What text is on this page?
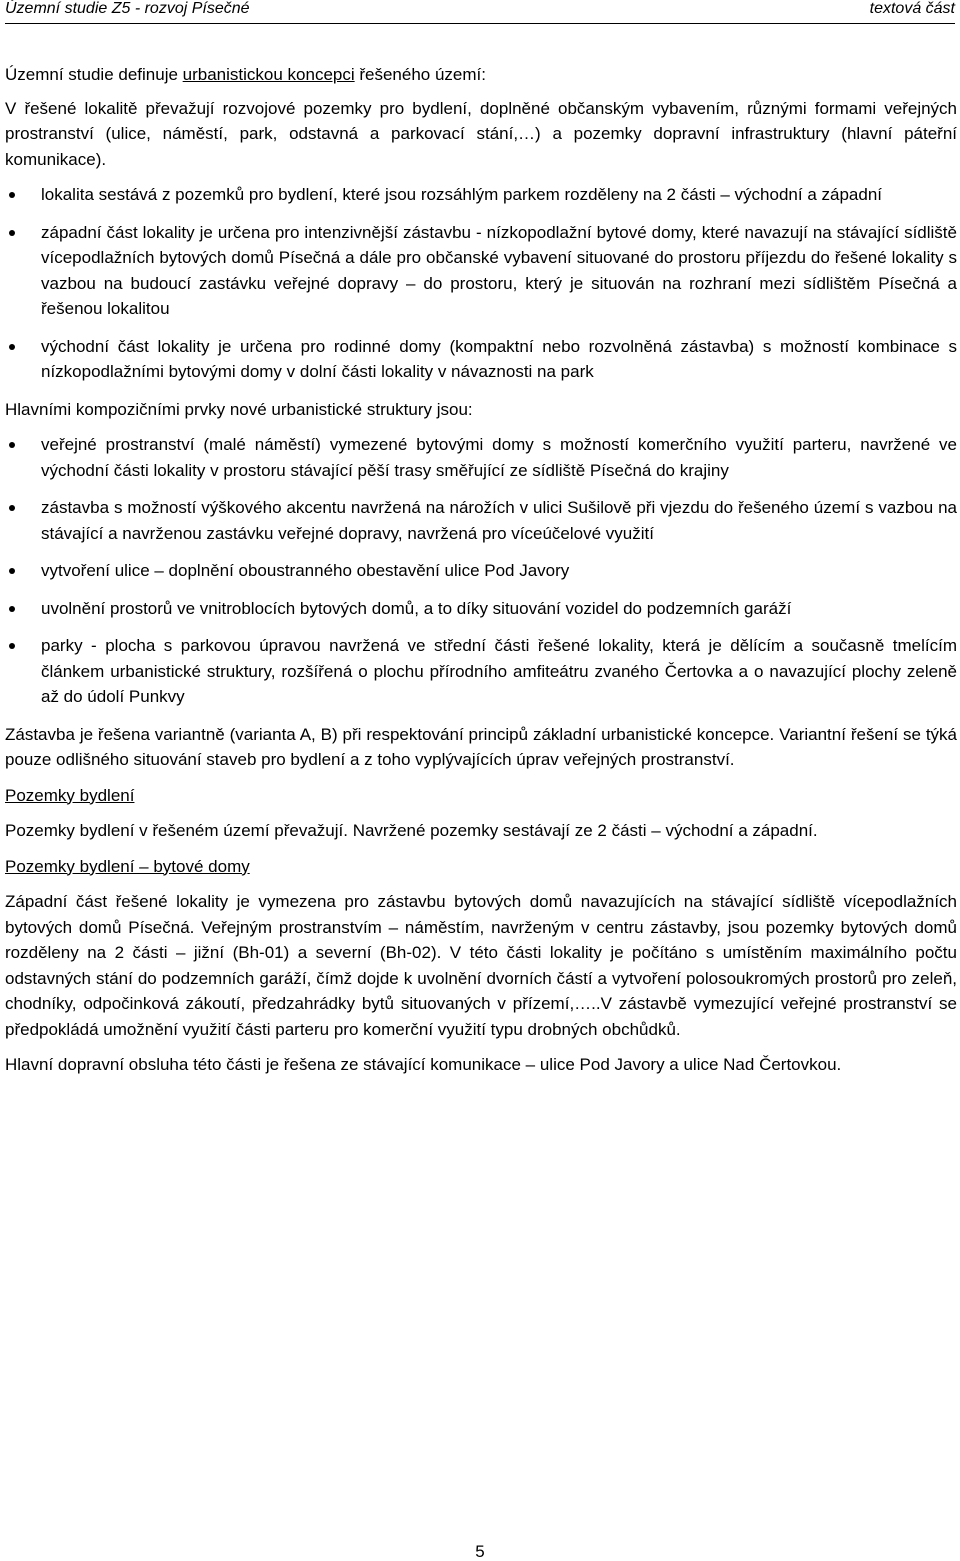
Územní studie Z5 - rozvoj Písečné	textová část

Územní studie definuje urbanistickou koncepci řešeného území:

V řešené lokalitě převažují rozvojové pozemky pro bydlení, doplněné občanským vybavením, různými formami veřejných prostranství (ulice, náměstí, park, odstavná a parkovací stání,…) a pozemky dopravní infrastruktury (hlavní páteřní komunikace).

lokalita sestává z pozemků pro bydlení, které jsou rozsáhlým parkem rozděleny na 2 části – východní a západní
západní část lokality je určena pro intenzivnější zástavbu - nízkopodlažní bytové domy, které navazují na stávající sídliště vícepodlažních bytových domů Písečná a dále pro občanské vybavení situované do prostoru příjezdu do řešené lokality s vazbou na budoucí zastávku veřejné dopravy – do prostoru, který je situován na rozhraní mezi sídlištěm Písečná a řešenou lokalitou
východní část lokality je určena pro rodinné domy (kompaktní nebo rozvolněná zástavba) s možností kombinace s nízkopodlažními bytovými domy v dolní části lokality v návaznosti na park

Hlavními kompozičními prvky nové urbanistické struktury jsou:

veřejné prostranství (malé náměstí) vymezené bytovými domy s možností komerčního využití parteru, navržené ve východní části lokality v prostoru stávající pěší trasy směřující ze sídliště Písečná do krajiny
zástavba s možností výškového akcentu navržená na nárožích v ulici Sušilově při vjezdu do řešeného území s vazbou na stávající a navrženou zastávku veřejné dopravy, navržená pro víceúčelové využití
vytvoření ulice – doplnění oboustranného obestavění ulice Pod Javory
uvolnění prostorů ve vnitroblocích bytových domů, a to díky situování vozidel do podzemních garáží
parky - plocha s parkovou úpravou navržená ve střední části řešené lokality, která je dělícím a současně tmelícím článkem urbanistické struktury, rozšířená o plochu přírodního amfiteátru zvaného Čertovka a o navazující plochy zeleně až do údolí Punkvy

Zástavba je řešena variantně (varianta A, B) při respektování principů základní urbanistické koncepce. Variantní řešení se týká pouze odlišného situování staveb pro bydlení a z toho vyplývajících úprav veřejných prostranství.

Pozemky bydlení

Pozemky bydlení v řešeném území převažují. Navržené pozemky sestávají ze 2 části – východní a západní.

Pozemky bydlení – bytové domy

Západní část řešené lokality je vymezena pro zástavbu bytových domů navazujících na stávající sídliště vícepodlažních bytových domů Písečná. Veřejným prostranstvím – náměstím, navrženým v centru zástavby, jsou pozemky bytových domů rozděleny na 2 části – jižní (Bh-01) a severní (Bh-02). V této části lokality je počítáno s umístěním maximálního počtu odstavných stání do podzemních garáží, čímž dojde k uvolnění dvorních částí a vytvoření polosoukromých prostorů pro zeleň, chodníky, odpočinková zákoutí, předzahrádky bytů situovaných v přízemí,…..V zástavbě vymezující veřejné prostranství se předpokládá umožnění využití části parteru pro komerční využití typu drobných obchůdků.

Hlavní dopravní obsluha této části je řešena ze stávající komunikace – ulice Pod Javory a ulice Nad Čertovkou.

5
